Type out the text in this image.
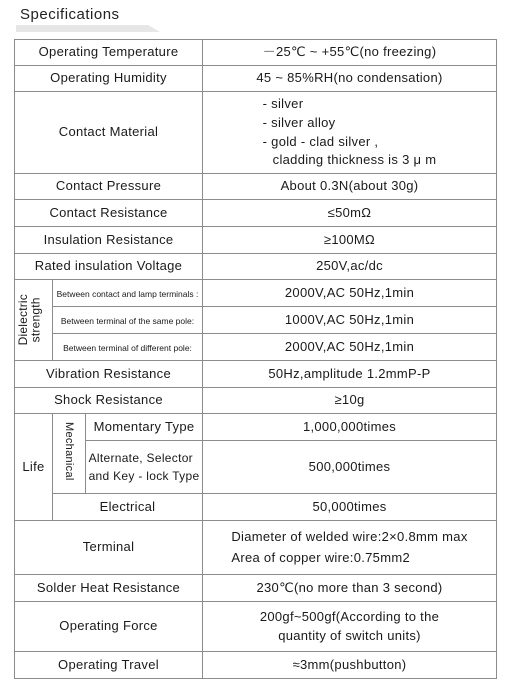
Specifications
Operating Temperature			－25℃ ~ +55℃(no freezing)
Operating Humidity			45 ~ 85%RH(no condensation)
Contact Material			- silver
- silver alloy
- gold - clad silver ,
cladding thickness is 3 μ m

Contact Pressure			About 0.3N(about 30g)
Contact Resistance			≤50mΩ
Insulation Resistance			≥100MΩ
Rated insulation Voltage			250V,ac/dc

Dielectric
strength	Between contact and lamp terminals :		2000V,AC 50Hz,1min
	Between terminal of the same pole:		1000V,AC 50Hz,1min
	Between terminal of different pole:		2000V,AC 50Hz,1min
Vibration Resistance			50Hz,amplitude 1.2mmP-P
Shock Resistance			≥10g
Life	Mechanical	Momentary Type	1,000,000times

		Alternate, Selector
and Key - lock Type	500,000times
	Electrical		50,000times
Terminal			Diameter of welded wire:2×0.8mm max
Area of copper wire:0.75mm2

Solder Heat Resistance			230℃(no more than 3 second)
Operating Force			200gf~500gf(According to the
quantity of switch units)

Operating Travel			≈3mm(pushbutton)
